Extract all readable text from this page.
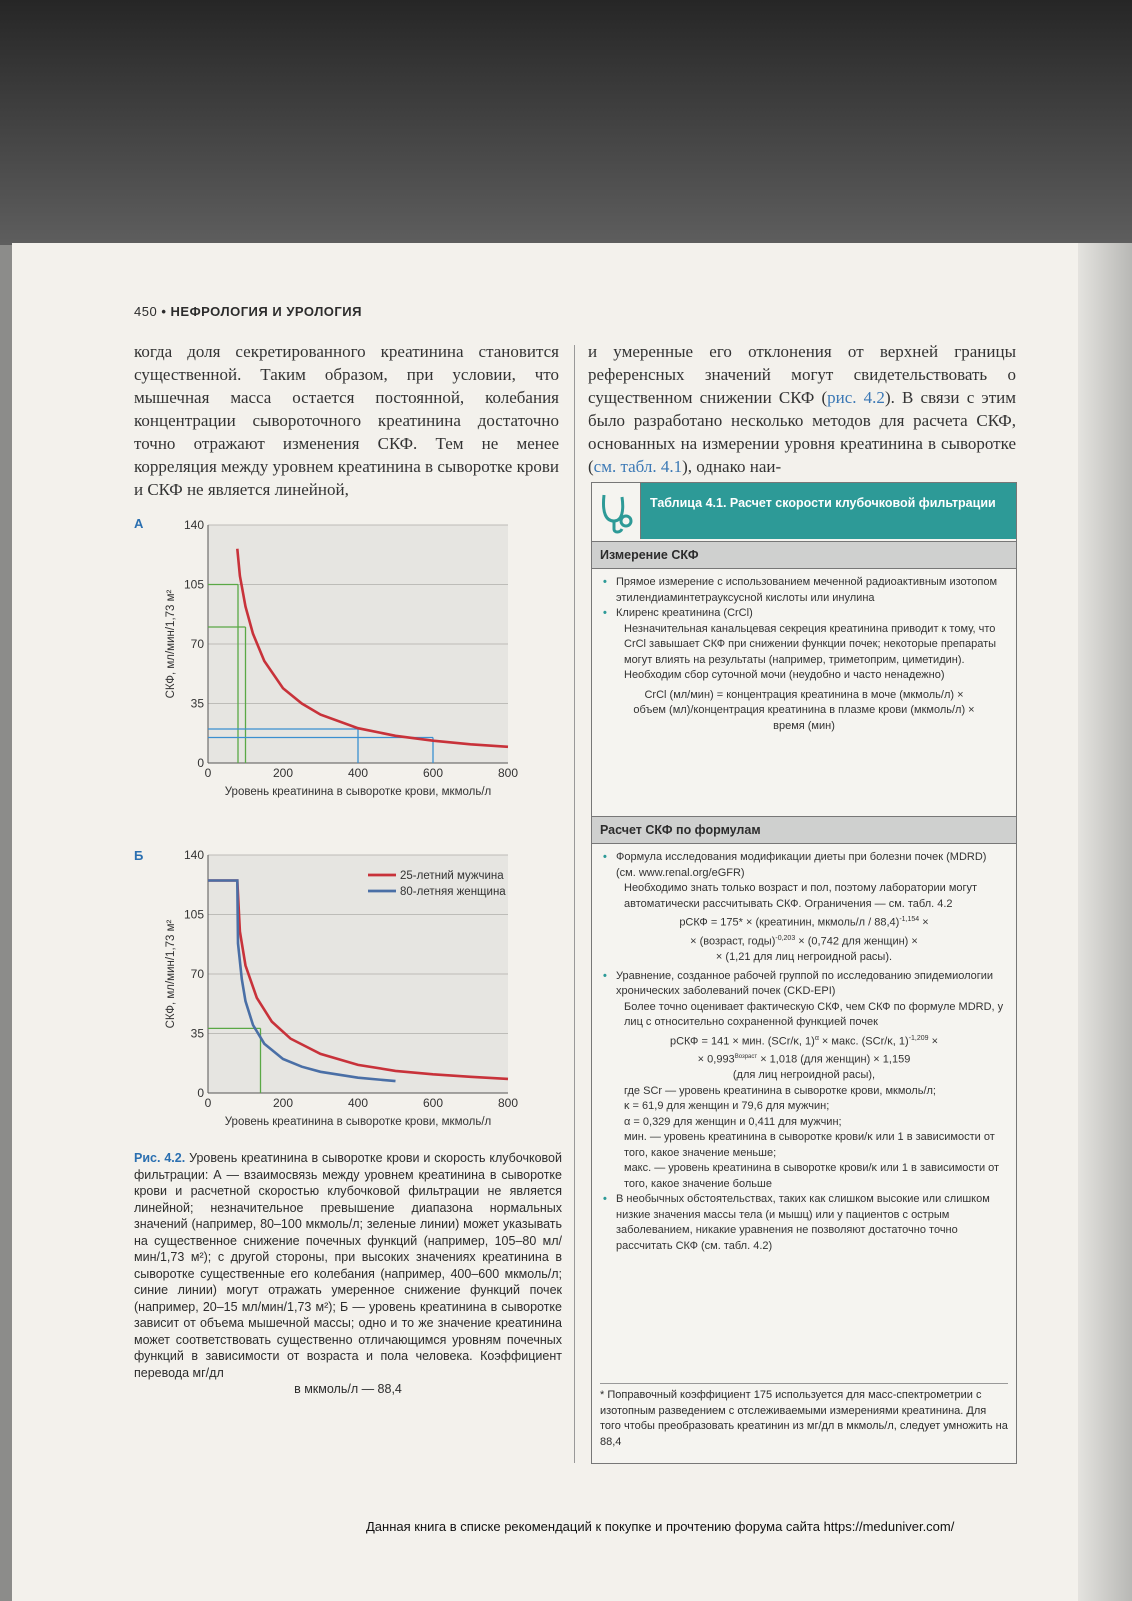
450 • НЕФРОЛОГИЯ И УРОЛОГИЯ
когда доля секретированного креатинина становится существенной. Таким образом, при условии, что мышечная масса остается постоянной, колебания концентрации сывороточного креатинина достаточно точно отражают изменения СКФ. Тем не менее корреляция между уровнем креатинина в сыворотке крови и СКФ не является линейной,
и умеренные его отклонения от верхней границы референсных значений могут свидетельствовать о существенном снижении СКФ (рис. 4.2). В связи с этим было разработано несколько методов для расчета СКФ, основанных на измерении уровня креатинина в сыворотке (см. табл. 4.1), однако наи-
А
Б
0
35
70
105
140
0	200	400	600	800
Уровень креатинина в сыворотке крови, мкмоль/л
СКФ, мл/мин/1,73 м²
0
35
70
105
140
0	200	400	600	800
Уровень креатинина в сыворотке крови, мкмоль/л
СКФ, мл/мин/1,73 м²
25-летний мужчина
80-летняя женщина
Рис. 4.2. Уровень креатинина в сыворотке крови и скорость клубочковой фильтрации: А — взаимосвязь между уровнем креатинина в сыворотке крови и расчетной скоростью клубочковой фильтрации не является линейной; незначительное превышение диапазона нормальных значений (например, 80–100 мкмоль/л; зеленые линии) может указывать на существенное снижение почечных функций (например, 105–80 мл/мин/1,73 м²); с другой стороны, при высоких значениях креатинина в сыворотке существенные его колебания (например, 400–600 мкмоль/л; синие линии) могут отражать умеренное снижение функций почек (например, 20–15 мл/мин/1,73 м²); Б — уровень креатинина в сыворотке зависит от объема мышечной массы; одно и то же значение креатинина может соответствовать существенно отличающимся уровням почечных функций в зависимости от возраста и пола человека. Коэффициент перевода мг/дл
в мкмоль/л — 88,4
Таблица 4.1. Расчет скорости клубочковой фильтрации
Измерение СКФ
• Прямое измерение с использованием меченной радиоактивным изотопом этилендиаминтетрауксусной кислоты или инулина
• Клиренс креатинина (CrCl)
Незначительная канальцевая секреция креатинина приводит к тому, что CrCl завышает СКФ при снижении функции почек; некоторые препараты могут влиять на результаты (например, триметоприм, циметидин). Необходим сбор суточной мочи (неудобно и часто ненадежно)
CrCl (мл/мин) = концентрация креатинина в моче (мкмоль/л) × объем (мл)/концентрация креатинина в плазме крови (мкмоль/л) × время (мин)
Расчет СКФ по формулам
• Формула исследования модификации диеты при болезни почек (MDRD) (см. www.renal.org/eGFR)
Необходимо знать только возраст и пол, поэтому лаборатории могут автоматически рассчитывать СКФ. Ограничения — см. табл. 4.2
рСКФ = 175* × (креатинин, мкмоль/л / 88,4)$^{-1,154}$ ×
× (возраст, годы)$^{-0,203}$ × (0,742 для женщин) ×
× (1,21 для лиц негроидной расы).
• Уравнение, созданное рабочей группой по исследованию эпидемиологии хронических заболеваний почек (CKD-EPI)
Более точно оценивает фактическую СКФ, чем СКФ по формуле MDRD, у лиц с относительно сохраненной функцией почек
рСКФ = 141 × мин. (SCr/κ, 1)$^\alpha$ × макс. (SCr/κ, 1)$^{-1,209}$ ×
× $0,993^{Возраст} \times 1,018$ (для женщин) × 1,159
(для лиц негроидной расы),
где SCr — уровень креатинина в сыворотке крови, мкмоль/л;
κ = 61,9 для женщин и 79,6 для мужчин;
α = 0,329 для женщин и 0,411 для мужчин;
мин. — уровень креатинина в сыворотке крови/κ или 1 в зависимости от того, какое значение меньше;
макс. — уровень креатинина в сыворотке крови/κ или 1 в зависимости от того, какое значение больше
• В необычных обстоятельствах, таких как слишком высокие или слишком низкие значения массы тела (и мышц) или у пациентов с острым заболеванием, никакие уравнения не позволяют достаточно точно рассчитать СКФ (см. табл. 4.2)
* Поправочный коэффициент 175 используется для масс-спектрометрии с изотопным разведением с отслеживаемыми измерениями креатинина. Для того чтобы преобразовать креатинин из мг/дл в мкмоль/л, следует умножить на 88,4
Данная книга в списке рекомендаций к покупке и прочтению форума сайта https://meduniver.com/
